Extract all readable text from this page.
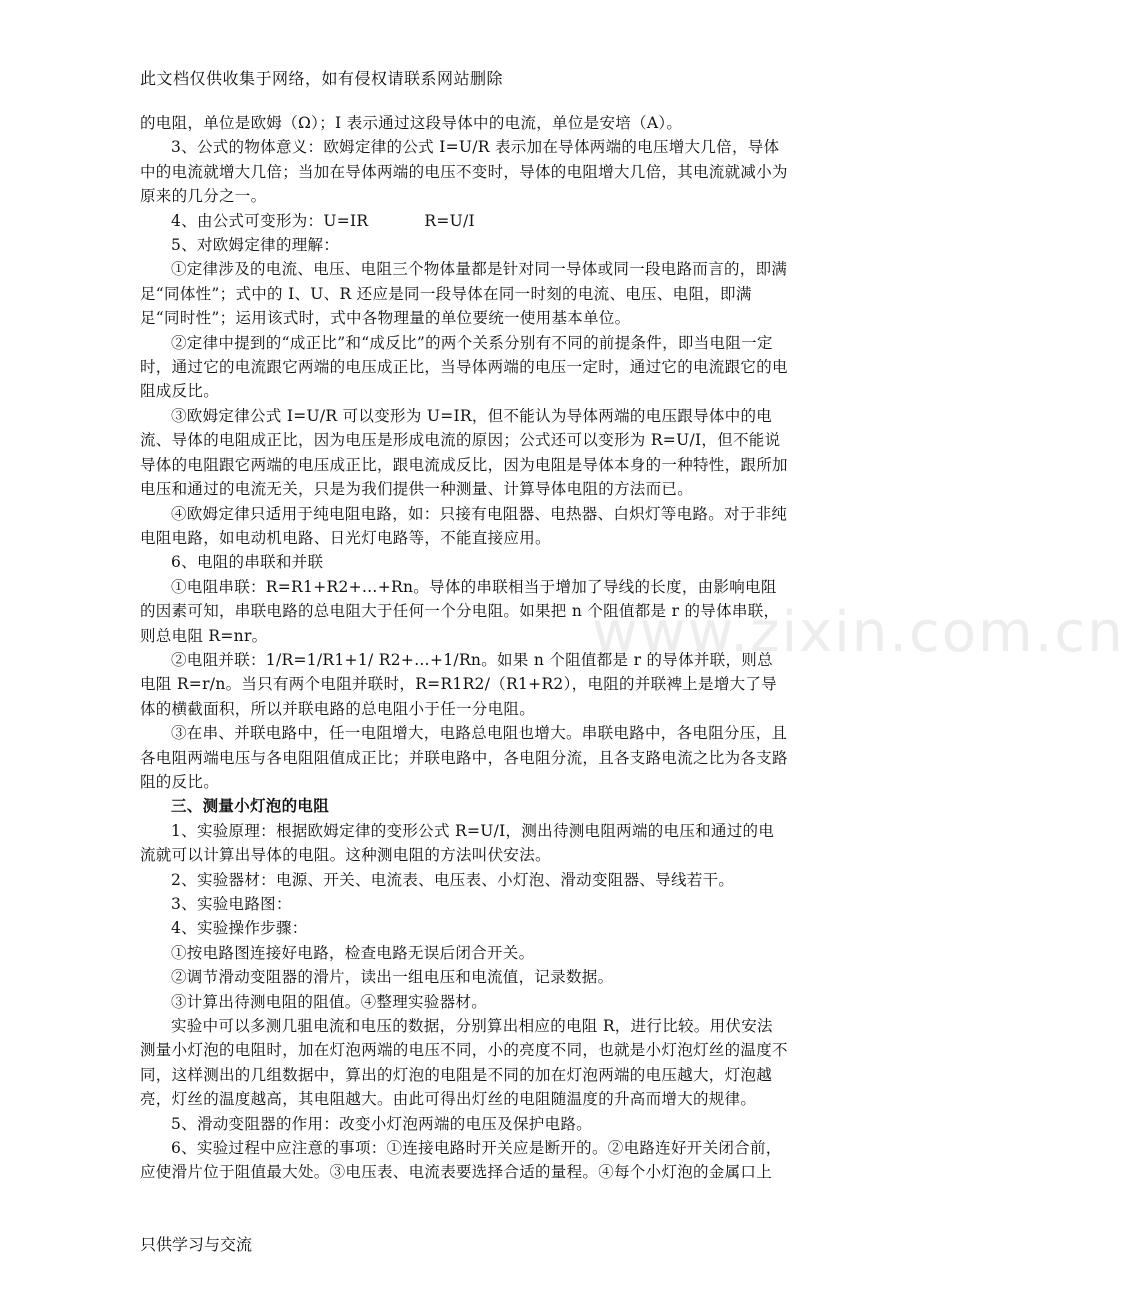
此文档仅供收集于网络，如有侵权请联系网站删除
www.zixin.com.cn

的电阻，单位是欧姆（Ω）；I 表示通过这段导体中的电流，单位是安培（A）。

3、公式的物体意义：欧姆定律的公式 I=U/R 表示加在导体两端的电压增大几倍，导体中的电流就增大几倍；当加在导体两端的电压不变时，导体的电阻增大几倍，其电流就减小为原来的几分之一。

4、由公式可变形为：U=IR	R=U/I

5、对欧姆定律的理解：

①定律涉及的电流、电压、电阻三个物体量都是针对同一导体或同一段电路而言的，即满足“同体性”；式中的 I、U、R 还应是同一段导体在同一时刻的电流、电压、电阻，即满足“同时性”；运用该式时，式中各物理量的单位要统一使用基本单位。

②定律中提到的“成正比”和“成反比”的两个关系分别有不同的前提条件，即当电阻一定时，通过它的电流跟它两端的电压成正比，当导体两端的电压一定时，通过它的电流跟它的电阻成反比。

③欧姆定律公式 I=U/R 可以变形为 U=IR，但不能认为导体两端的电压跟导体中的电流、导体的电阻成正比，因为电压是形成电流的原因；公式还可以变形为 R=U/I，但不能说导体的电阻跟它两端的电压成正比，跟电流成反比，因为电阻是导体本身的一种特性，跟所加电压和通过的电流无关，只是为我们提供一种测量、计算导体电阻的方法而已。

④欧姆定律只适用于纯电阻电路，如：只接有电阻器、电热器、白炽灯等电路。对于非纯电阻电路，如电动机电路、日光灯电路等，不能直接应用。

6、电阻的串联和并联

①电阻串联：R=R1+R2+…+Rn。导体的串联相当于增加了导线的长度，由影响电阻的因素可知，串联电路的总电阻大于任何一个分电阻。如果把 n 个阻值都是 r 的导体串联，则总电阻 R=nr。

②电阻并联：1/R=1/R1+1/ R2+…+1/Rn。如果 n 个阻值都是 r 的导体并联，则总电阻 R=r/n。当只有两个电阻并联时，R=R1R2/（R1+R2），电阻的并联裨上是增大了导体的横截面积，所以并联电路的总电阻小于任一分电阻。

③在串、并联电路中，任一电阻增大，电路总电阻也增大。串联电路中，各电阻分压，且各电阻两端电压与各电阻阻值成正比；并联电路中，各电阻分流，且各支路电流之比为各支路阻的反比。

三、测量小灯泡的电阻

1、实验原理：根据欧姆定律的变形公式 R=U/I，测出待测电阻两端的电压和通过的电流就可以计算出导体的电阻。这种测电阻的方法叫伏安法。

2、实验器材：电源、开关、电流表、电压表、小灯泡、滑动变阻器、导线若干。

3、实验电路图：

4、实验操作步骤：

①按电路图连接好电路，检查电路无误后闭合开关。

②调节滑动变阻器的滑片，读出一组电压和电流值，记录数据。

③计算出待测电阻的阻值。④整理实验器材。

实验中可以多测几驵电流和电压的数据，分别算出相应的电阻 R，进行比较。用伏安法测量小灯泡的电阻时，加在灯泡两端的电压不同，小的亮度不同，也就是小灯泡灯丝的温度不同，这样测出的几组数据中，算出的灯泡的电阻是不同的加在灯泡两端的电压越大，灯泡越亮，灯丝的温度越高，其电阻越大。由此可得出灯丝的电阻随温度的升高而增大的规律。

5、滑动变阻器的作用：改变小灯泡两端的电压及保护电路。

6、实验过程中应注意的事项：①连接电路时开关应是断开的。②电路连好开关闭合前，应使滑片位于阻值最大处。③电压表、电流表要选择合适的量程。④每个小灯泡的金属口上

只供学习与交流
